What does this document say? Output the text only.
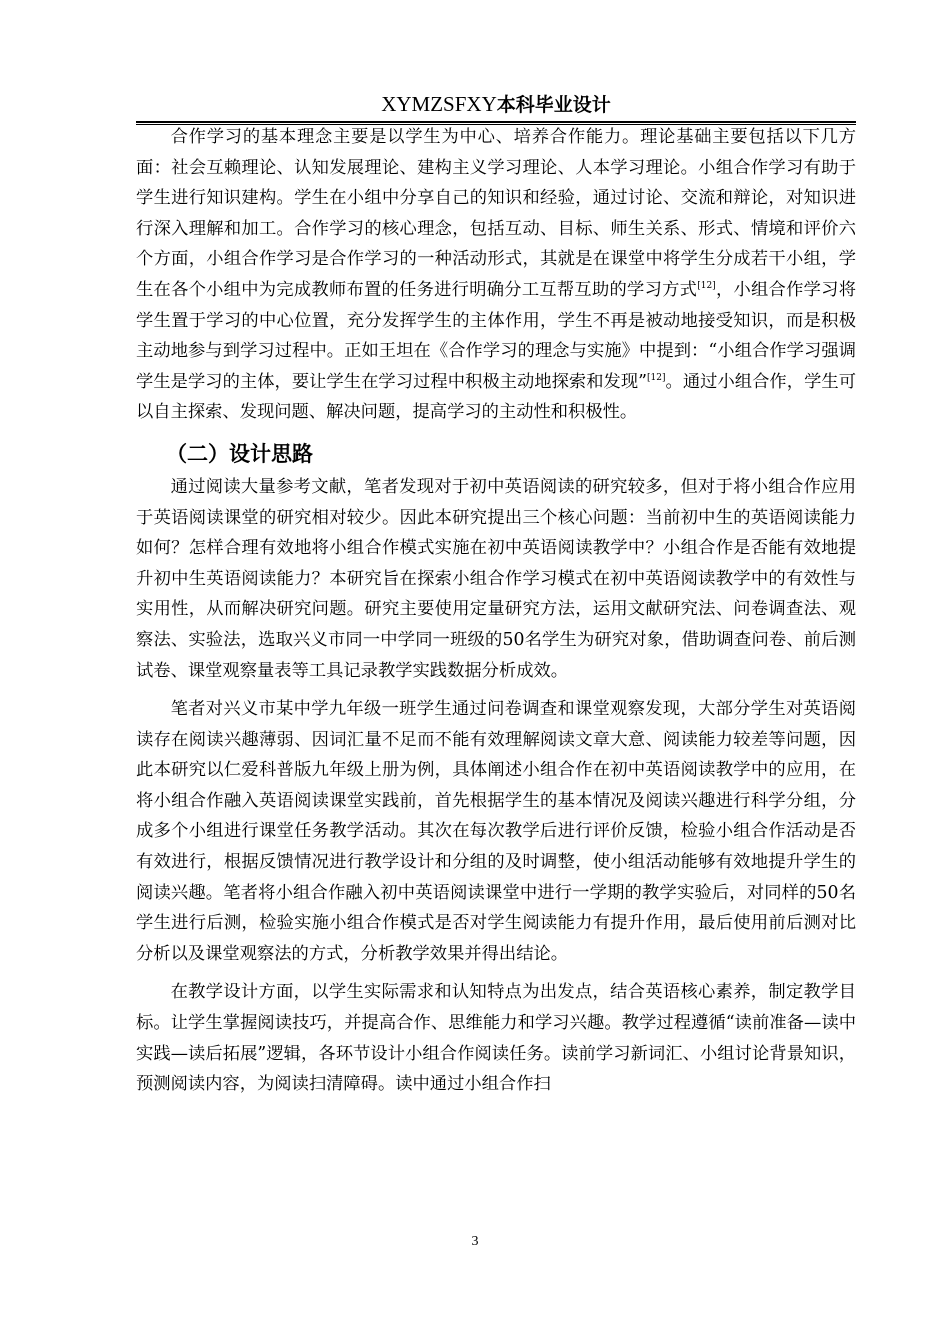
XYMZSFXY本科毕业设计

合作学习的基本理念主要是以学生为中心、培养合作能力。理论基础主要包括以下几方面：社会互赖理论、认知发展理论、建构主义学习理论、人本学习理论。小组合作学习有助于学生进行知识建构。学生在小组中分享自己的知识和经验，通过讨论、交流和辩论，对知识进行深入理解和加工。合作学习的核心理念，包括互动、目标、师生关系、形式、情境和评价六个方面，小组合作学习是合作学习的一种活动形式，其就是在课堂中将学生分成若干小组，学生在各个小组中为完成教师布置的任务进行明确分工互帮互助的学习方式[12]，小组合作学习将学生置于学习的中心位置，充分发挥学生的主体作用，学生不再是被动地接受知识，而是积极主动地参与到学习过程中。正如王坦在《合作学习的理念与实施》中提到：“小组合作学习强调学生是学习的主体，要让学生在学习过程中积极主动地探索和发现”[12]。通过小组合作，学生可以自主探索、发现问题、解决问题，提高学习的主动性和积极性。

（二）设计思路

通过阅读大量参考文献，笔者发现对于初中英语阅读的研究较多，但对于将小组合作应用于英语阅读课堂的研究相对较少。因此本研究提出三个核心问题：当前初中生的英语阅读能力如何？怎样合理有效地将小组合作模式实施在初中英语阅读教学中？小组合作是否能有效地提升初中生英语阅读能力？本研究旨在探索小组合作学习模式在初中英语阅读教学中的有效性与实用性，从而解决研究问题。研究主要使用定量研究方法，运用文献研究法、问卷调查法、观察法、实验法，选取兴义市同一中学同一班级的50名学生为研究对象，借助调查问卷、前后测试卷、课堂观察量表等工具记录教学实践数据分析成效。

笔者对兴义市某中学九年级一班学生通过问卷调查和课堂观察发现，大部分学生对英语阅读存在阅读兴趣薄弱、因词汇量不足而不能有效理解阅读文章大意、阅读能力较差等问题，因此本研究以仁爱科普版九年级上册为例，具体阐述小组合作在初中英语阅读教学中的应用，在将小组合作融入英语阅读课堂实践前，首先根据学生的基本情况及阅读兴趣进行科学分组，分成多个小组进行课堂任务教学活动。其次在每次教学后进行评价反馈，检验小组合作活动是否有效进行，根据反馈情况进行教学设计和分组的及时调整，使小组活动能够有效地提升学生的阅读兴趣。笔者将小组合作融入初中英语阅读课堂中进行一学期的教学实验后，对同样的50名学生进行后测，检验实施小组合作模式是否对学生阅读能力有提升作用，最后使用前后测对比分析以及课堂观察法的方式，分析教学效果并得出结论。

在教学设计方面，以学生实际需求和认知特点为出发点，结合英语核心素养，制定教学目标。让学生掌握阅读技巧，并提高合作、思维能力和学习兴趣。教学过程遵循“读前准备—读中实践—读后拓展”逻辑，各环节设计小组合作阅读任务。读前学习新词汇、小组讨论背景知识，预测阅读内容，为阅读扫清障碍。读中通过小组合作扫

3
